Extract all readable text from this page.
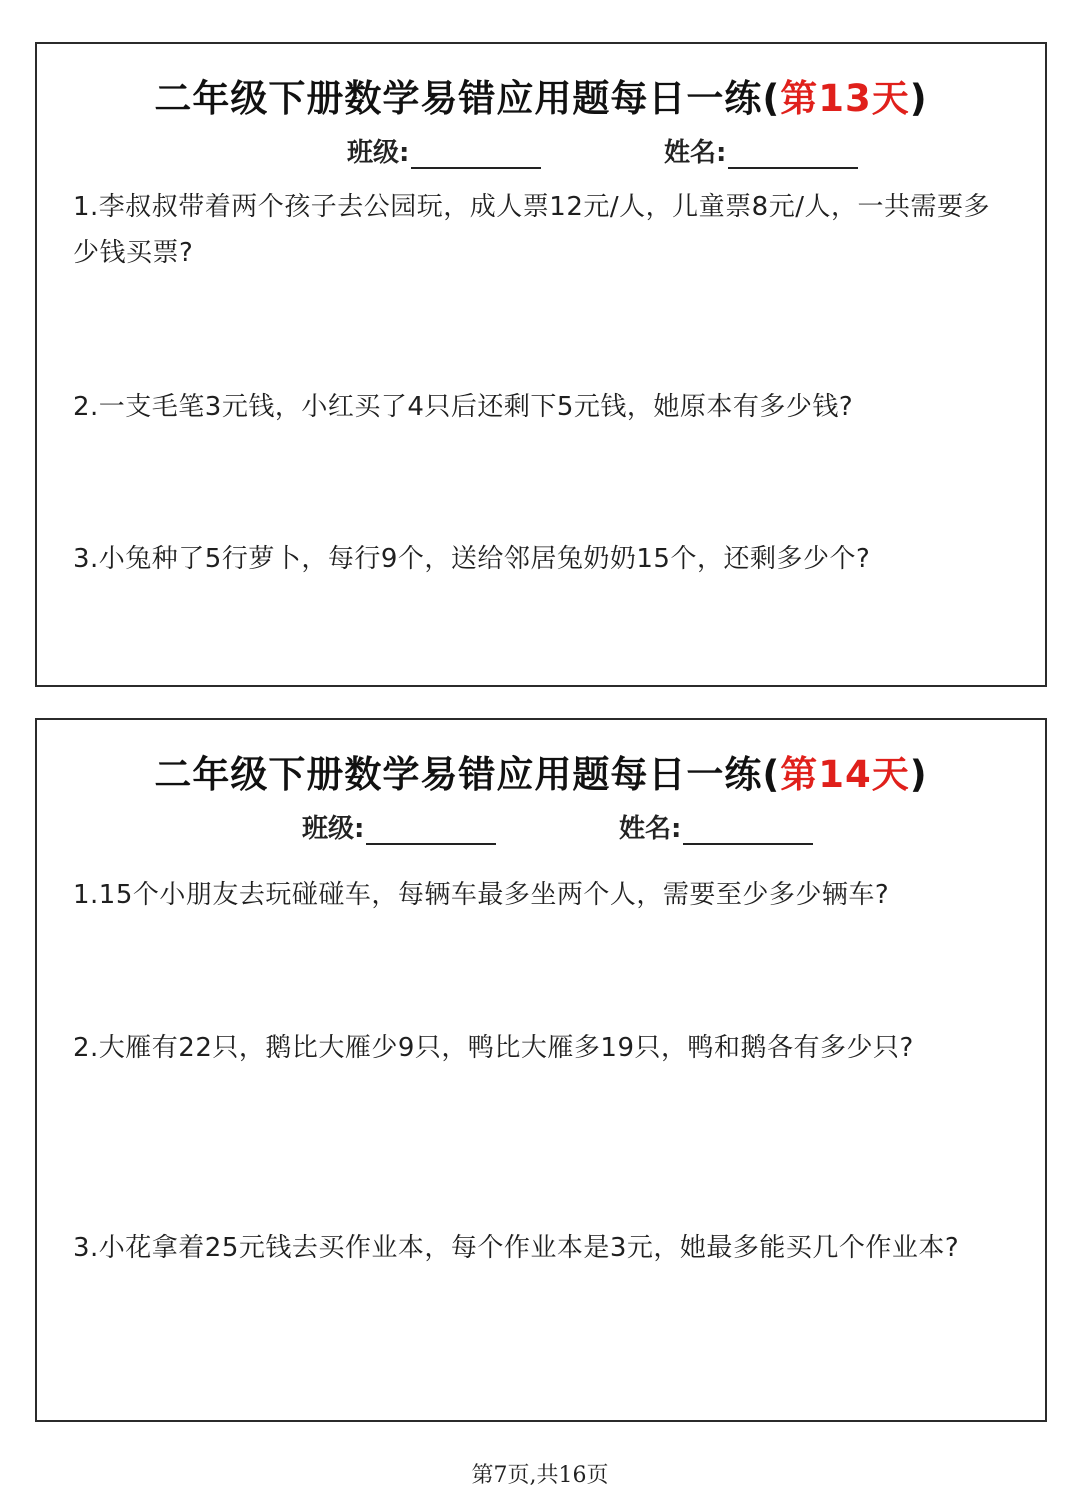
二年级下册数学易错应用题每日一练(第13天)
班级:	姓名:
1.李叔叔带着两个孩子去公园玩，成人票12元/人，儿童票8元/人，一共需要多少钱买票?
2.一支毛笔3元钱，小红买了4只后还剩下5元钱，她原本有多少钱?
3.小兔种了5行萝卜，每行9个，送给邻居兔奶奶15个，还剩多少个?
二年级下册数学易错应用题每日一练(第14天)
班级:	姓名:
1.15个小朋友去玩碰碰车，每辆车最多坐两个人，需要至少多少辆车?
2.大雁有22只，鹅比大雁少9只，鸭比大雁多19只，鸭和鹅各有多少只?
3.小花拿着25元钱去买作业本，每个作业本是3元，她最多能买几个作业本?
第7页,共16页
